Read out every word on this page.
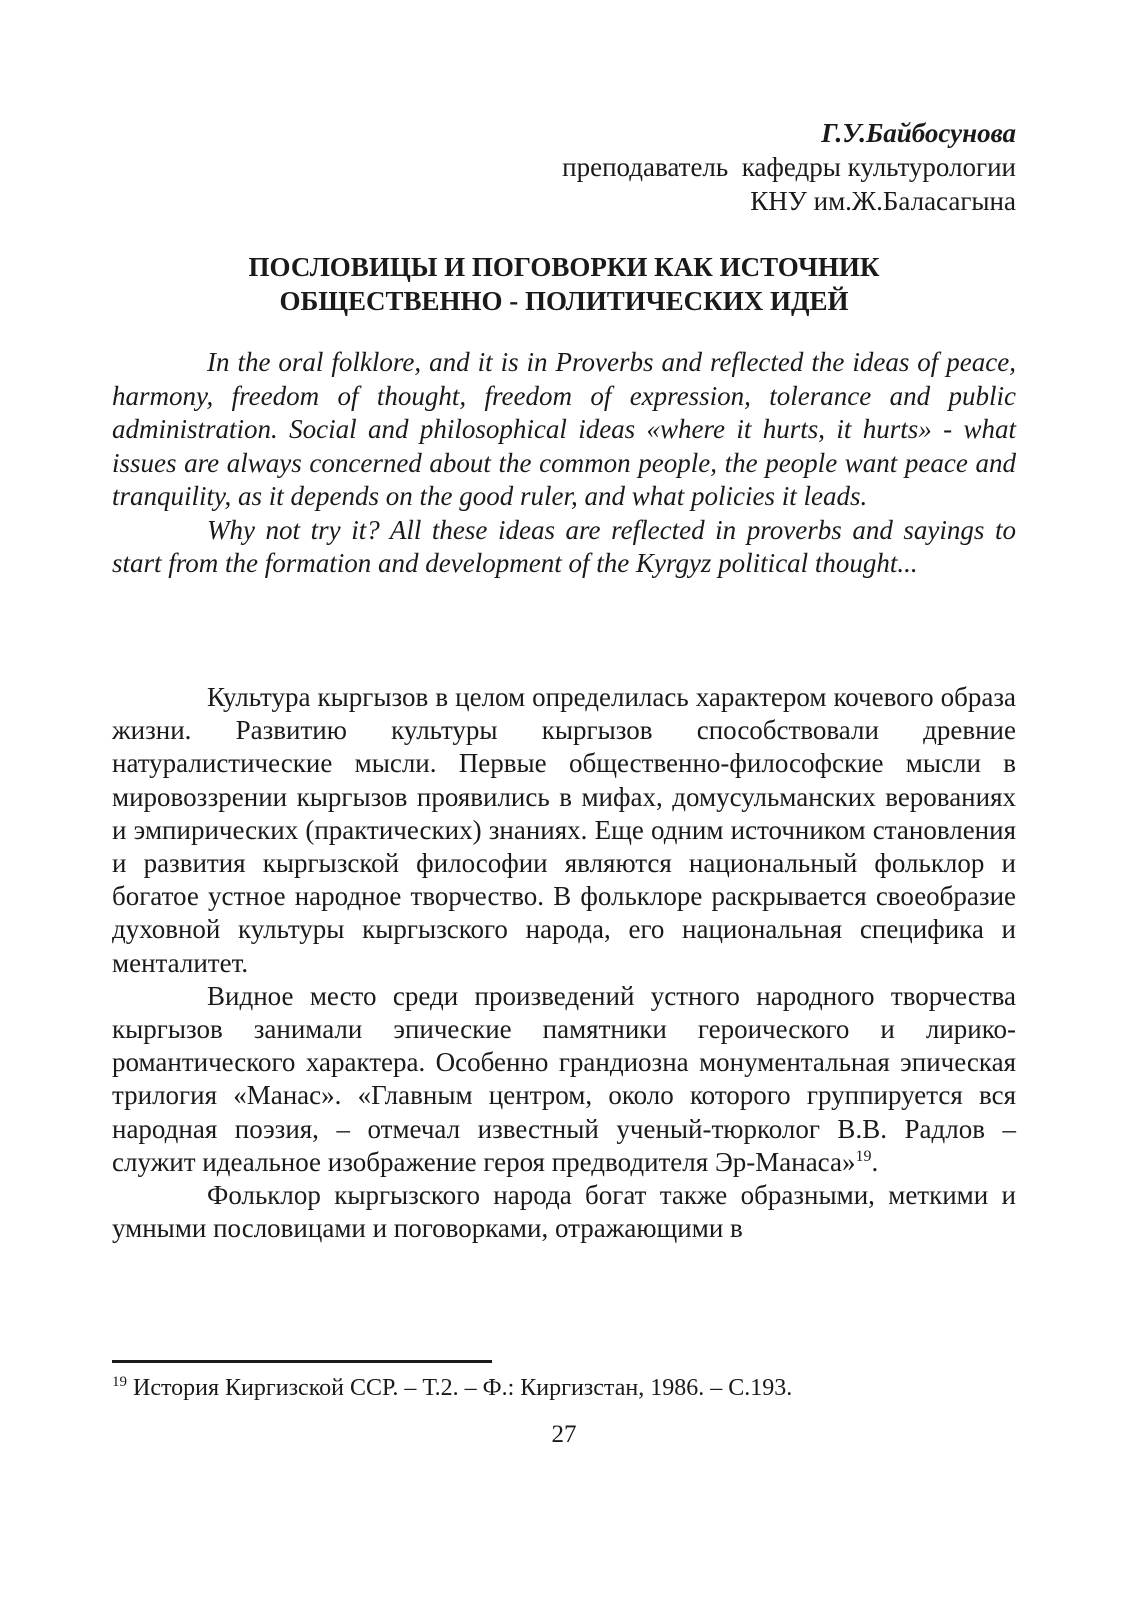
Г.У.Байбосунова
преподаватель  кафедры культурологии
КНУ им.Ж.Баласагына
ПОСЛОВИЦЫ И ПОГОВОРКИ КАК ИСТОЧНИК
ОБЩЕСТВЕННО - ПОЛИТИЧЕСКИХ ИДЕЙ

In the oral folklore, and it is in Proverbs and reflected the ideas of peace, harmony, freedom of thought, freedom of expression, tolerance and public administration. Social and philosophical ideas «where it hurts, it hurts» - what issues are always concerned about the common people, the people want peace and tranquility, as it depends on the good ruler, and what policies it leads.

Why not try it? All these ideas are reflected in proverbs and sayings to start from the formation and development of the Kyrgyz political thought...

Культура кыргызов в целом определилась характером кочевого образа жизни. Развитию культуры кыргызов способствовали древние натуралистические мысли. Первые общественно-философские мысли в мировоззрении кыргызов проявились в мифах, домусульманских верованиях и эмпирических (практических) знаниях. Еще одним источником становления и развития кыргызской философии являются национальный фольклор и богатое устное народное творчество. В фольклоре раскрывается своеобразие духовной культуры кыргызского народа, его национальная специфика и менталитет.

Видное место среди произведений устного народного творчества кыргызов занимали эпические памятники героического и лирико-романтического характера. Особенно грандиозна монументальная эпическая трилогия «Манас». «Главным центром, около которого группируется вся народная поэзия, – отмечал известный ученый-тюрколог В.В. Радлов – служит идеальное изображение героя предводителя Эр-Манаса»$^{19}$.

Фольклор кыргызского народа богат также образными, меткими и умными пословицами и поговорками, отражающими в

$^{19}$ История Киргизской ССР. – Т.2. – Ф.: Киргизстан, 1986. – С.193.
27
